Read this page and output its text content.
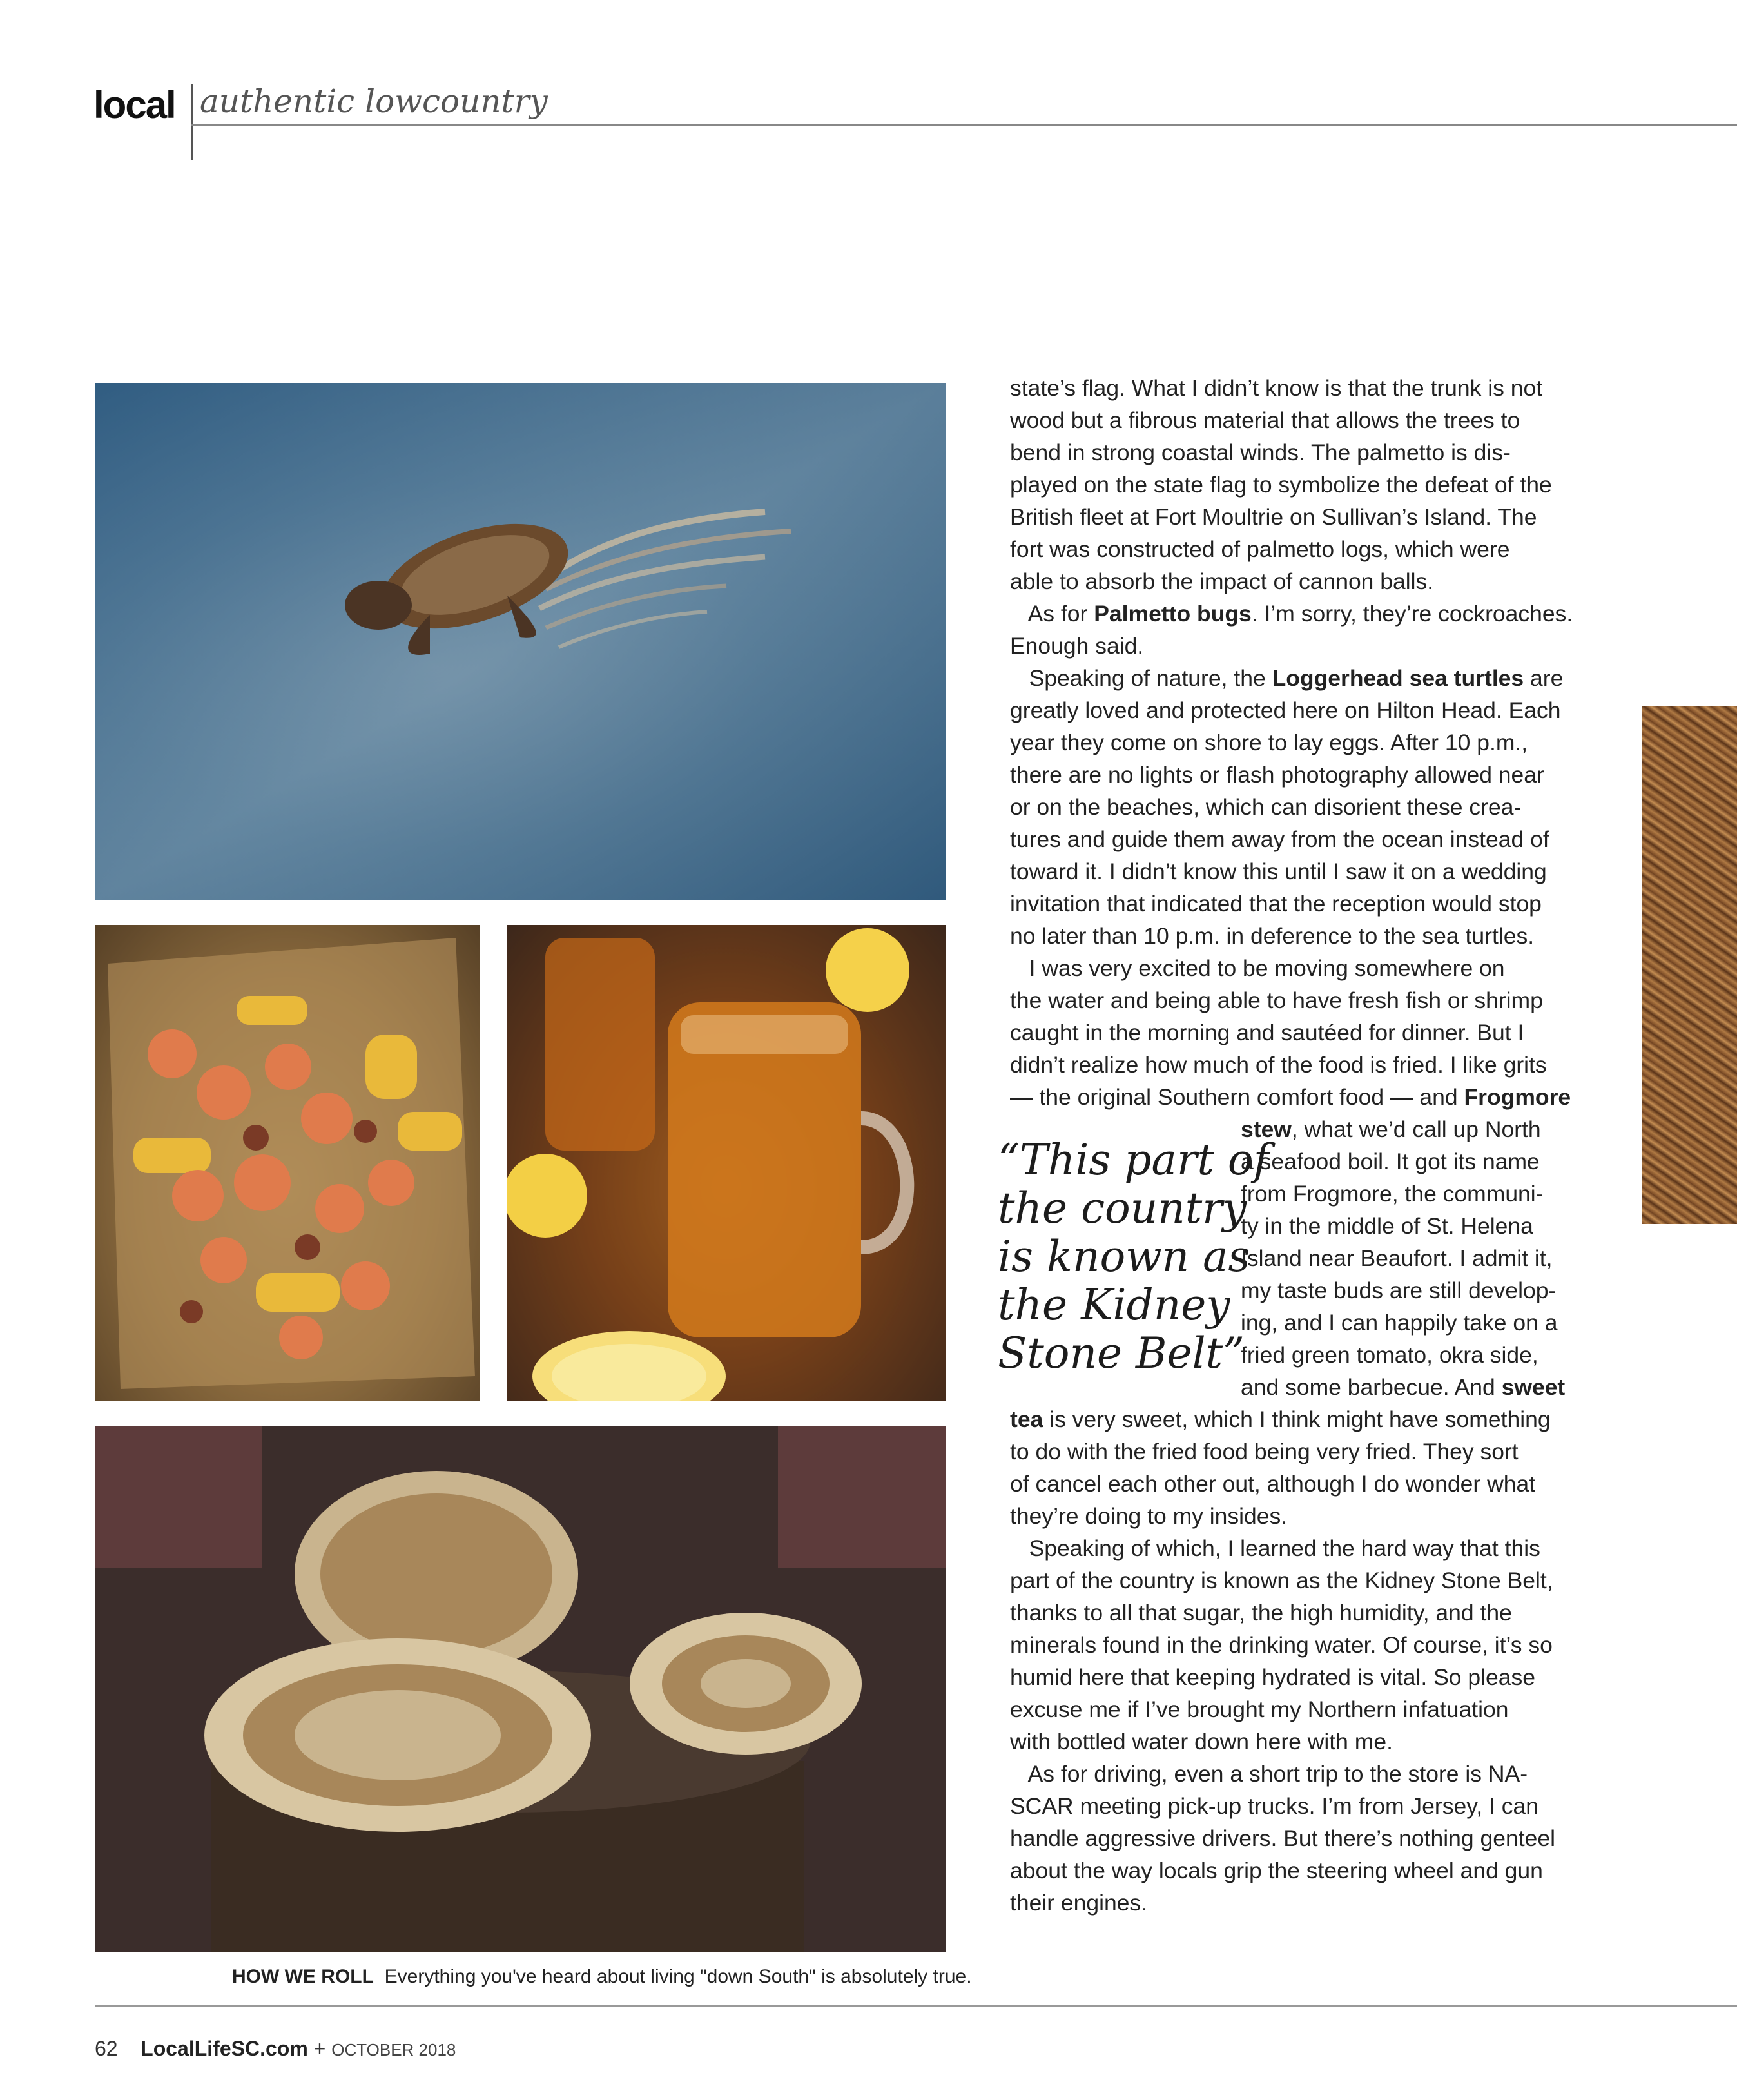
local authentic lowcountry

state’s flag. What I didn’t know is that the trunk is not

wood but a fibrous material that allows the trees to

bend in strong coastal winds. The palmetto is dis-

played on the state flag to symbolize the defeat of the

British fleet at Fort Moultrie on Sullivan’s Island. The

fort was constructed of palmetto logs, which were

able to absorb the impact of cannon balls.

As for Palmetto bugs. I’m sorry, they’re cockroaches.

Enough said.

Speaking of nature, the Loggerhead sea turtles are

greatly loved and protected here on Hilton Head. Each

year they come on shore to lay eggs. After 10 p.m.,

there are no lights or flash photography allowed near

or on the beaches, which can disorient these crea-

tures and guide them away from the ocean instead of

toward it. I didn’t know this until I saw it on a wedding

invitation that indicated that the reception would stop

no later than 10 p.m. in deference to the sea turtles.

I was very excited to be moving somewhere on

the water and being able to have fresh fish or shrimp

caught in the morning and sautéed for dinner. But I

didn’t realize how much of the food is fried. I like grits

— the original Southern comfort food — and Frogmore

“This part of

the country

is known as

the Kidney

Stone Belt”

stew, what we’d call up North

a seafood boil. It got its name

from Frogmore, the communi-

ty in the middle of St. Helena

Island near Beaufort. I admit it,

my taste buds are still develop-

ing, and I can happily take on a

fried green tomato, okra side,

and some barbecue. And sweet

tea is very sweet, which I think might have something

to do with the fried food being very fried. They sort

of cancel each other out, although I do wonder what

they’re doing to my insides.

Speaking of which, I learned the hard way that this

part of the country is known as the Kidney Stone Belt,

thanks to all that sugar, the high humidity, and the

minerals found in the drinking water. Of course, it’s so

humid here that keeping hydrated is vital. So please

excuse me if I’ve brought my Northern infatuation

with bottled water down here with me.

As for driving, even a short trip to the store is NA-

SCAR meeting pick-up trucks. I’m from Jersey, I can

handle aggressive drivers. But there’s nothing genteel

about the way locals grip the steering wheel and gun

their engines.

HOW WE ROLL Everything you've heard about living "down South" is absolutely true.
62 LocalLifeSC.com + OCTOBER 2018
